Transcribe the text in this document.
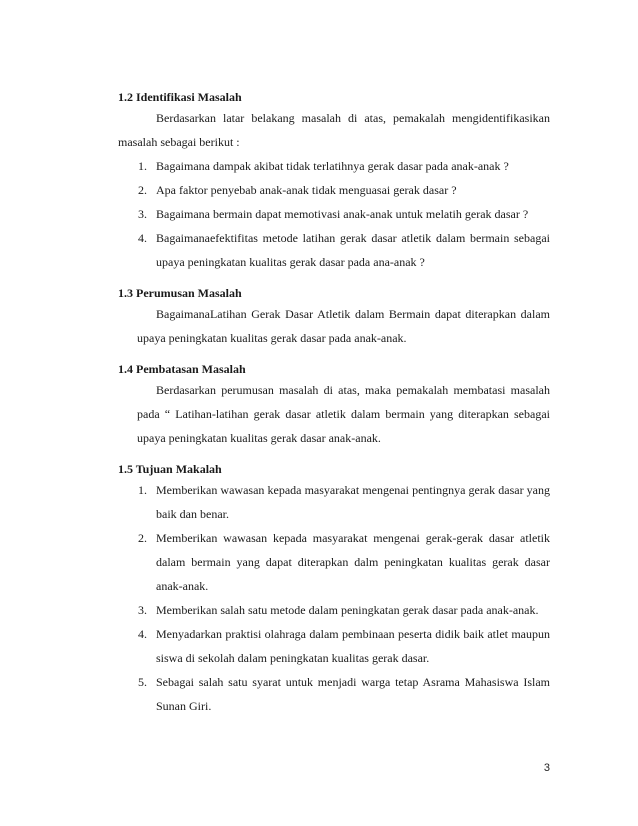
1.2 Identifikasi Masalah
Berdasarkan latar belakang masalah di atas, pemakalah mengidentifikasikan masalah sebagai berikut :
1. Bagaimana dampak akibat tidak terlatihnya gerak dasar pada anak-anak ?
2. Apa faktor penyebab anak-anak tidak menguasai gerak dasar ?
3. Bagaimana bermain dapat memotivasi anak-anak untuk melatih gerak dasar ?
4. Bagaimanaefektifitas metode latihan gerak dasar atletik dalam bermain sebagai upaya peningkatan kualitas gerak dasar pada ana-anak ?
1.3 Perumusan Masalah
BagaimanaLatihan Gerak Dasar Atletik dalam Bermain dapat diterapkan dalam upaya peningkatan kualitas gerak dasar pada anak-anak.
1.4 Pembatasan Masalah
Berdasarkan perumusan masalah di atas, maka pemakalah membatasi masalah pada “ Latihan-latihan gerak dasar atletik dalam bermain yang diterapkan sebagai upaya peningkatan kualitas gerak dasar anak-anak.
1.5 Tujuan Makalah
1. Memberikan wawasan kepada masyarakat mengenai pentingnya gerak dasar yang baik dan benar.
2. Memberikan wawasan kepada masyarakat mengenai gerak-gerak dasar atletik dalam bermain yang dapat diterapkan dalm peningkatan kualitas gerak dasar anak-anak.
3. Memberikan salah satu metode dalam peningkatan gerak dasar pada anak-anak.
4. Menyadarkan praktisi olahraga dalam pembinaan peserta didik baik atlet maupun siswa di sekolah dalam peningkatan kualitas gerak dasar.
5. Sebagai salah satu syarat untuk menjadi warga tetap Asrama Mahasiswa Islam Sunan Giri.
3
